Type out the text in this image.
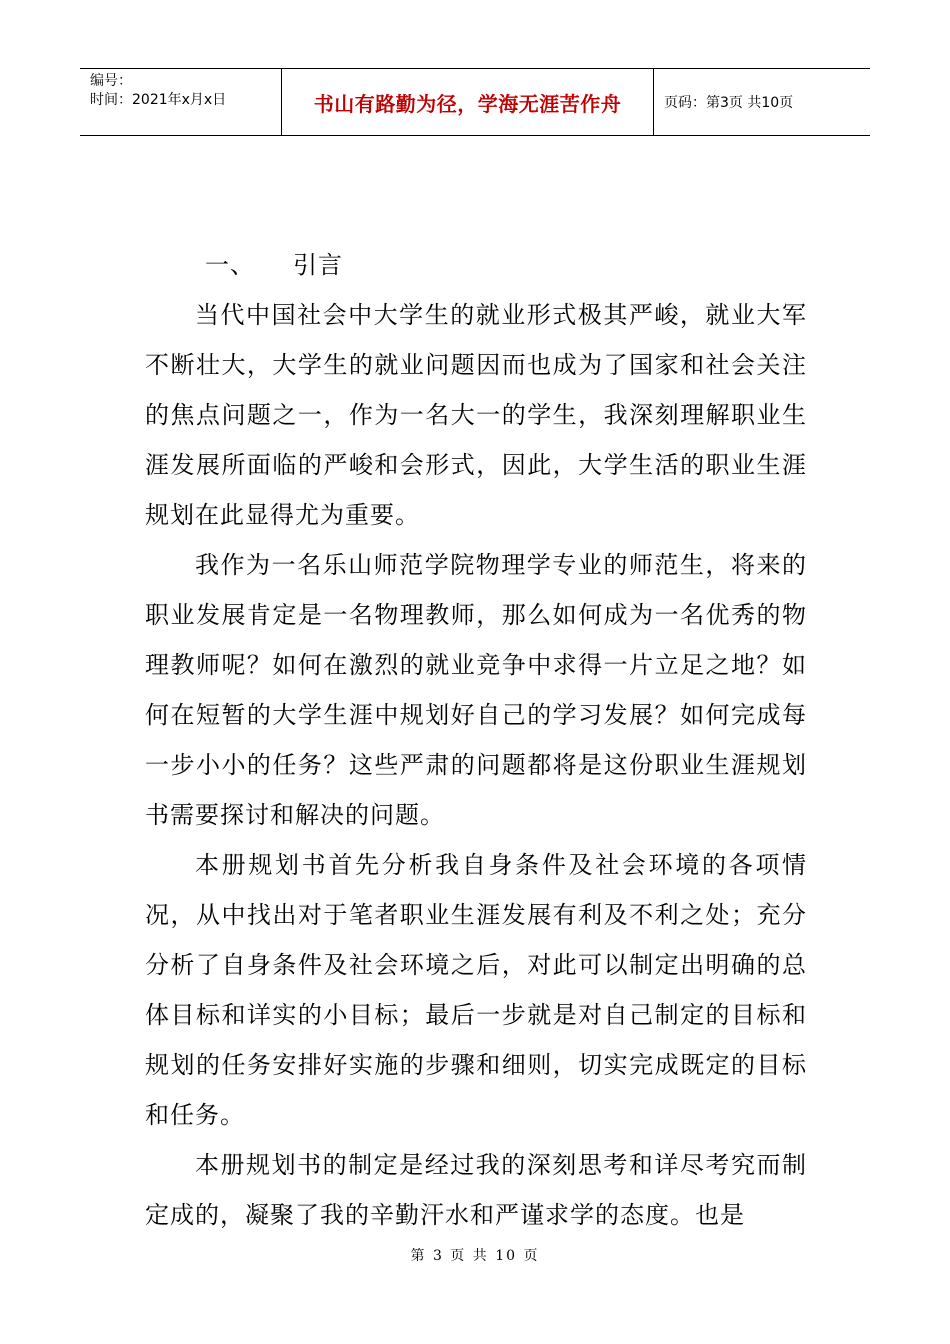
编号：
时间：2021年x月x日	书山有路勤为径，学海无涯苦作舟	页码：第3页 共10页

一、 引言

当代中国社会中大学生的就业形式极其严峻，就业大军不断壮大，大学生的就业问题因而也成为了国家和社会关注的焦点问题之一，作为一名大一的学生，我深刻理解职业生涯发展所面临的严峻和会形式，因此，大学生活的职业生涯规划在此显得尤为重要。

我作为一名乐山师范学院物理学专业的师范生，将来的职业发展肯定是一名物理教师，那么如何成为一名优秀的物理教师呢？如何在激烈的就业竞争中求得一片立足之地？如何在短暂的大学生涯中规划好自己的学习发展？如何完成每一步小小的任务？这些严肃的问题都将是这份职业生涯规划书需要探讨和解决的问题。

本册规划书首先分析我自身条件及社会环境的各项情况，从中找出对于笔者职业生涯发展有利及不利之处；充分分析了自身条件及社会环境之后，对此可以制定出明确的总体目标和详实的小目标；最后一步就是对自己制定的目标和规划的任务安排好实施的步骤和细则，切实完成既定的目标和任务。

本册规划书的制定是经过我的深刻思考和详尽考究而制定成的，凝聚了我的辛勤汗水和严谨求学的态度。也是

第 3 页 共 10 页
